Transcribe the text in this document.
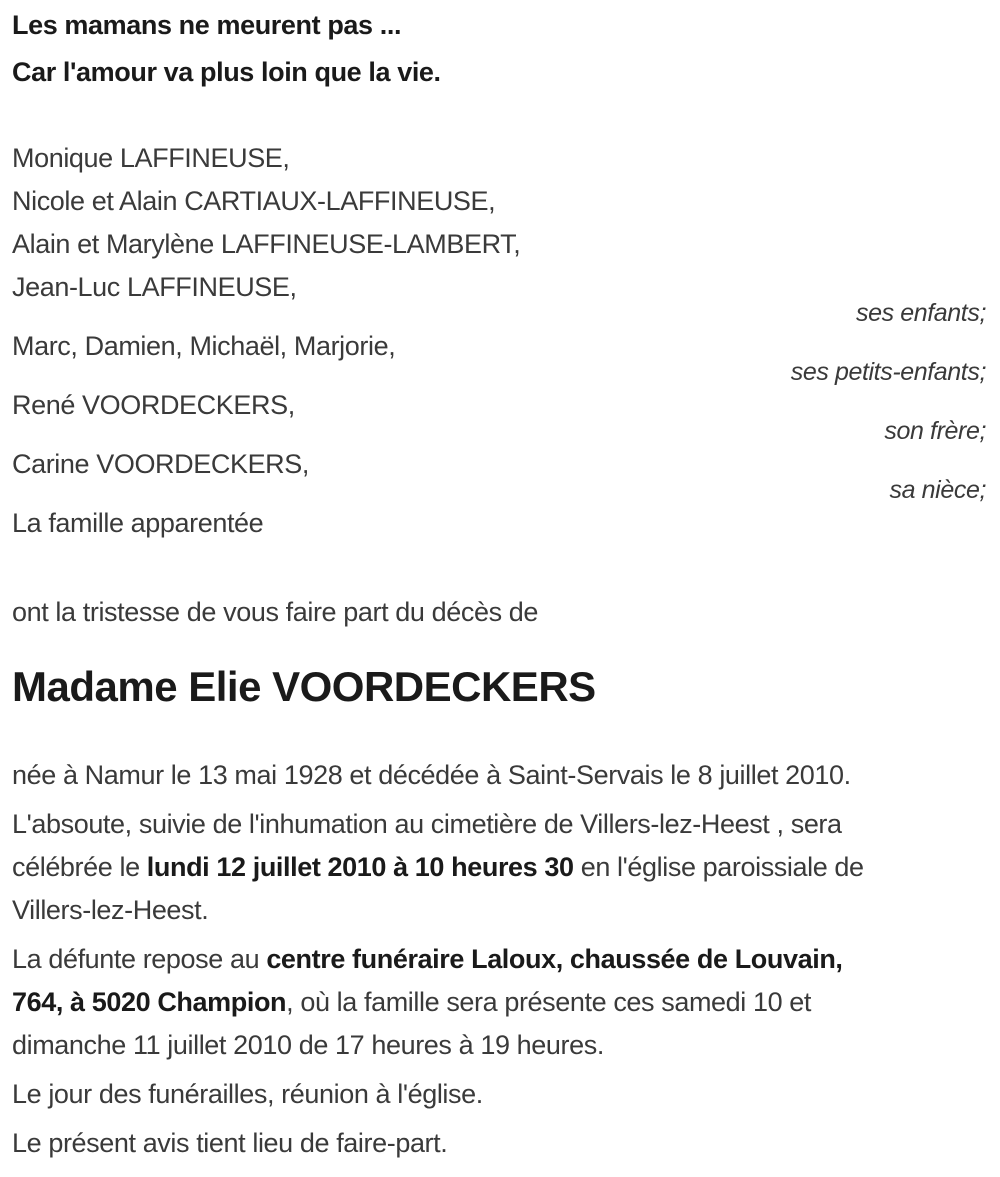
Les mamans ne meurent pas ...

Car l'amour va plus loin que la vie.

Monique LAFFINEUSE,

Nicole et Alain CARTIAUX-LAFFINEUSE,

Alain et Marylène LAFFINEUSE-LAMBERT,

Jean-Luc LAFFINEUSE,

ses enfants;

Marc, Damien, Michaël, Marjorie,

ses petits-enfants;

René VOORDECKERS,

son frère;

Carine VOORDECKERS,

sa nièce;

La famille apparentée

ont la tristesse de vous faire part du décès de

Madame Elie VOORDECKERS
née à Namur le 13 mai 1928 et décédée à Saint-Servais le 8 juillet 2010.
L'absoute, suivie de l'inhumation au cimetière de Villers-lez-Heest , sera
célébrée le lundi 12 juillet 2010 à 10 heures 30 en l'église paroissiale de
Villers-lez-Heest.
La défunte repose au centre funéraire Laloux, chaussée de Louvain,
764, à 5020 Champion, où la famille sera présente ces samedi 10 et
dimanche 11 juillet 2010 de 17 heures à 19 heures.
Le jour des funérailles, réunion à l'église.
Le présent avis tient lieu de faire-part.
